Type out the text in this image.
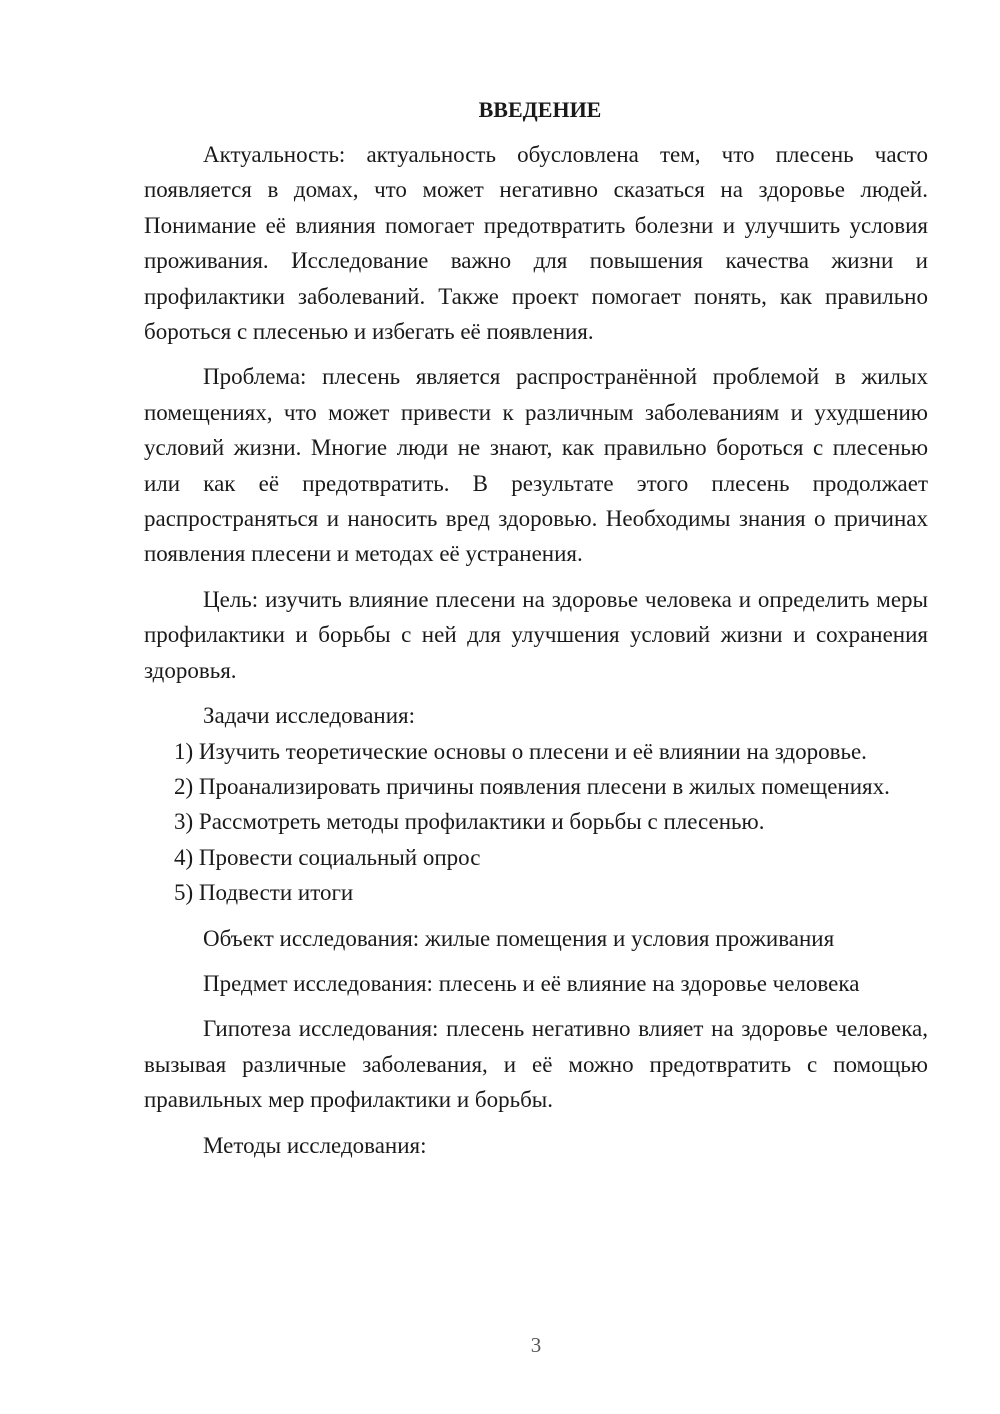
ВВЕДЕНИЕ

Актуальность: актуальность обусловлена тем, что плесень часто появляется в домах, что может негативно сказаться на здоровье людей. Понимание её влияния помогает предотвратить болезни и улучшить условия проживания. Исследование важно для повышения качества жизни и профилактики заболеваний. Также проект помогает понять, как правильно бороться с плесенью и избегать её появления.

Проблема: плесень является распространённой проблемой в жилых помещениях, что может привести к различным заболеваниям и ухудшению условий жизни. Многие люди не знают, как правильно бороться с плесенью или как её предотвратить. В результате этого плесень продолжает распространяться и наносить вред здоровью. Необходимы знания о причинах появления плесени и методах её устранения.

Цель: изучить влияние плесени на здоровье человека и определить меры профилактики и борьбы с ней для улучшения условий жизни и сохранения здоровья.

Задачи исследования:

1) Изучить теоретические основы о плесени и её влиянии на здоровье.

2) Проанализировать причины появления плесени в жилых помещениях.

3) Рассмотреть методы профилактики и борьбы с плесенью.

4) Провести социальный опрос

5) Подвести итоги

Объект исследования: жилые помещения и условия проживания

Предмет исследования: плесень и её влияние на здоровье человека

Гипотеза исследования: плесень негативно влияет на здоровье человека, вызывая различные заболевания, и её можно предотвратить с помощью правильных мер профилактики и борьбы.

Методы исследования:

3
